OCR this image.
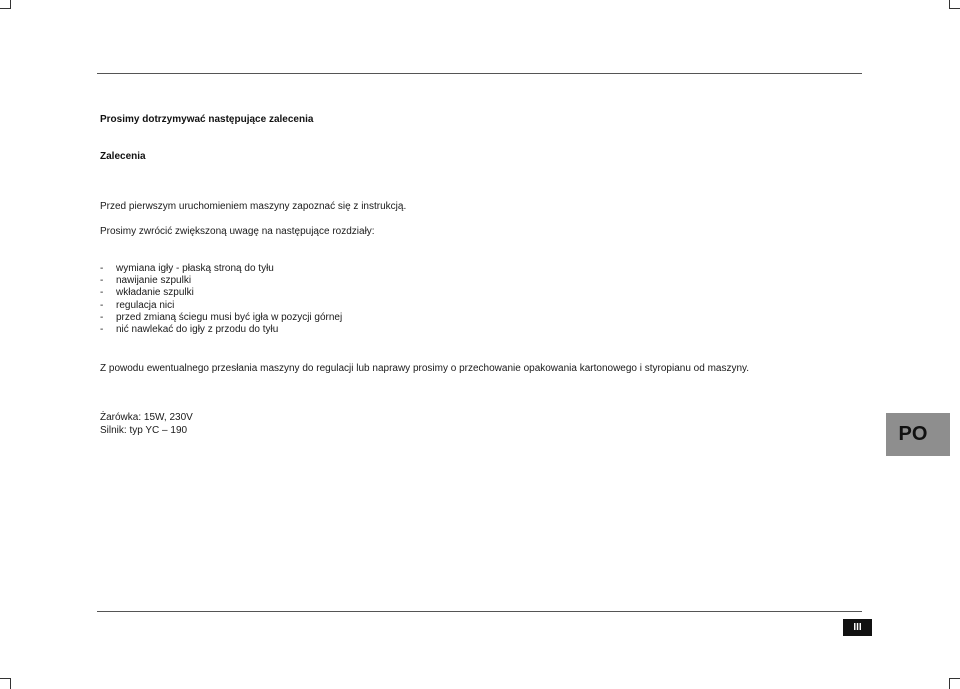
Prosimy dotrzymywać następujące zalecenia
Zalecenia
Przed pierwszym uruchomieniem maszyny zapoznać się z instrukcją.
Prosimy zwrócić zwiększoną uwagę na następujące rozdziały:
- wymiana igły - płaską stroną do tyłu
- nawijanie szpulki
- wkładanie szpulki
- regulacja nici
- przed zmianą ściegu musi być igła w pozycji górnej
- nić nawlekać do igły z przodu do tyłu
Z powodu ewentualnego przesłania maszyny do regulacji lub naprawy prosimy o przechowanie opakowania kartonowego i styropianu od maszyny.
Żarówka: 15W, 230V
Silnik: typ YC – 190	PO
III
